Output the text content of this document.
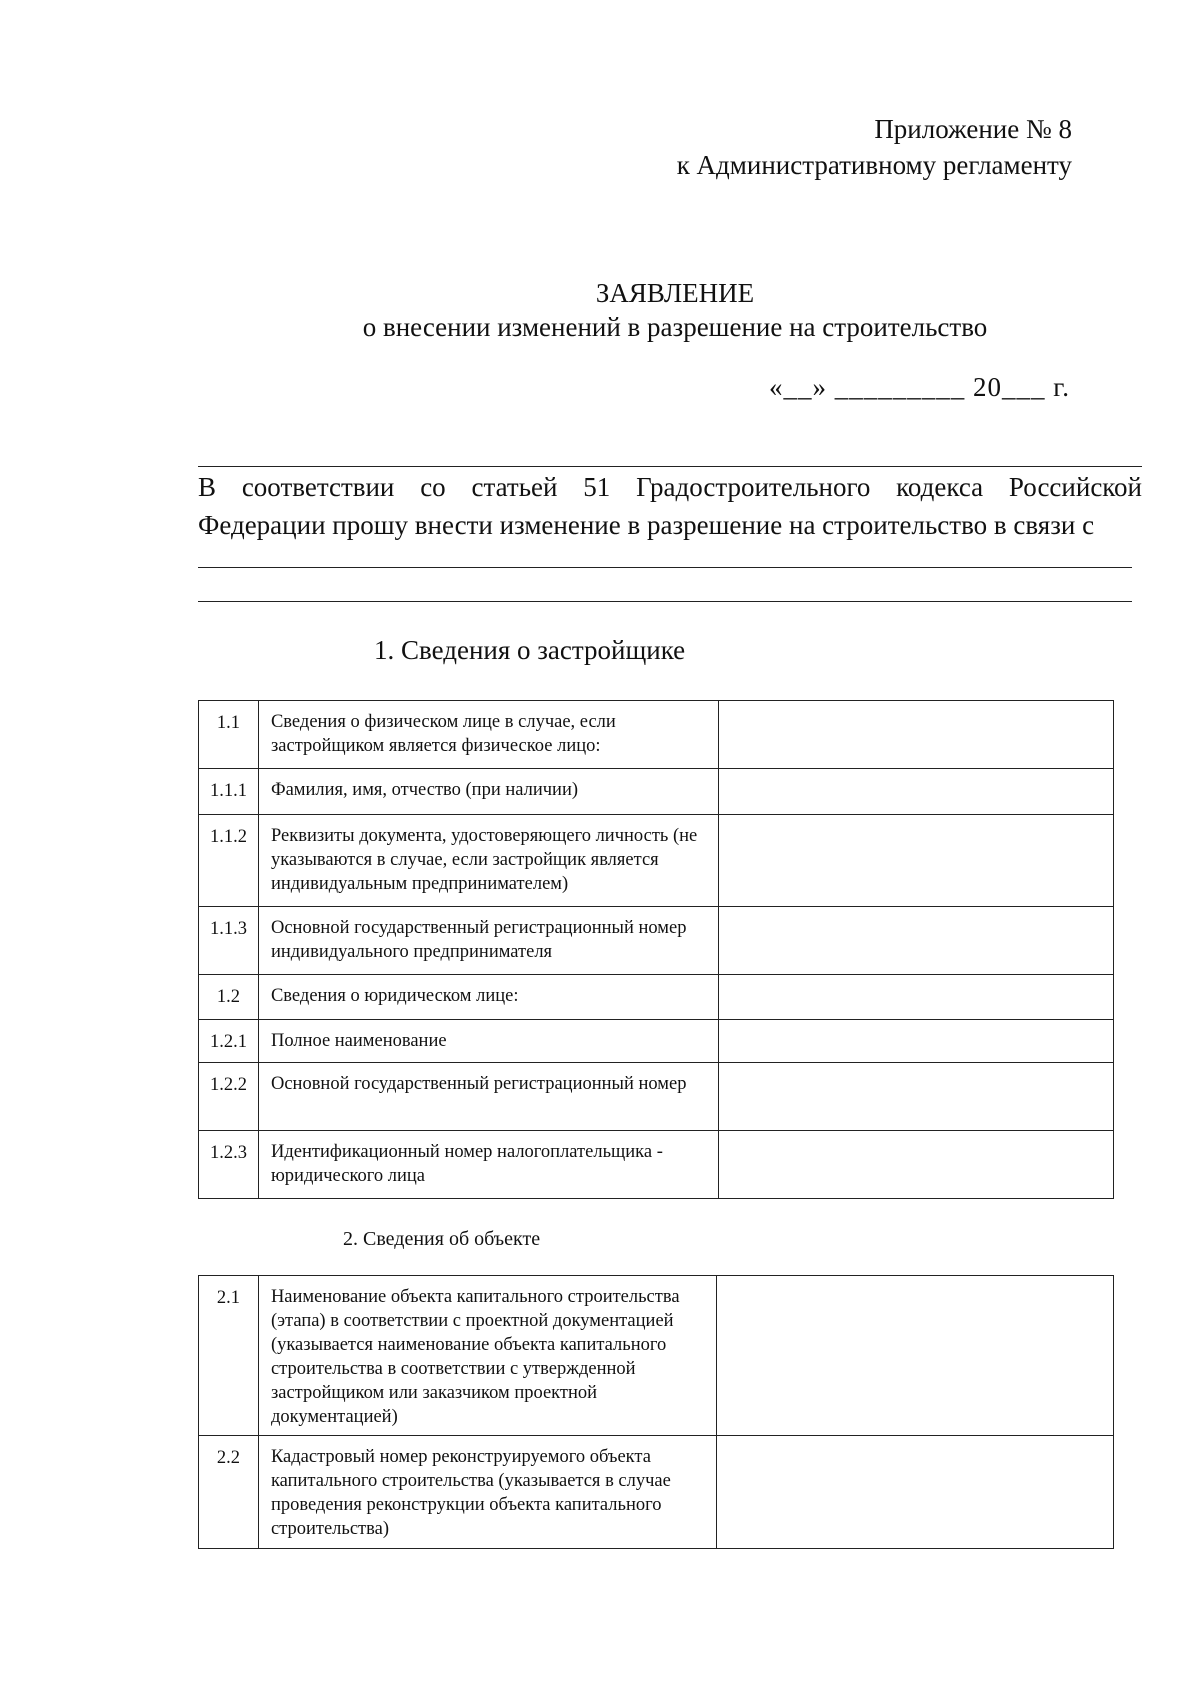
Приложение № 8
к Административному регламенту
ЗАЯВЛЕНИЕ
о внесении изменений в разрешение на строительство
«__» _________ 20___ г.
В соответствии со статьей 51 Градостроительного кодекса Российской Федерации прошу внести изменение в разрешение на строительство в связи с
1. Сведения о застройщике
1.1	Сведения о физическом лице в случае, если застройщиком является физическое лицо:	
1.1.1	Фамилия, имя, отчество (при наличии)	
1.1.2	Реквизиты документа, удостоверяющего личность (не указываются в случае, если застройщик является индивидуальным предпринимателем)	
1.1.3	Основной государственный регистрационный номер индивидуального предпринимателя	
1.2	Сведения о юридическом лице:	
1.2.1	Полное наименование	
1.2.2	Основной государственный регистрационный номер	
1.2.3	Идентификационный номер налогоплательщика - юридического лица	
2. Сведения об объекте
2.1	Наименование объекта капитального строительства (этапа) в соответствии с проектной документацией (указывается наименование объекта капитального строительства в соответствии с утвержденной застройщиком или заказчиком проектной документацией)	
2.2	Кадастровый номер реконструируемого объекта капитального строительства (указывается в случае проведения реконструкции объекта капитального строительства)	
